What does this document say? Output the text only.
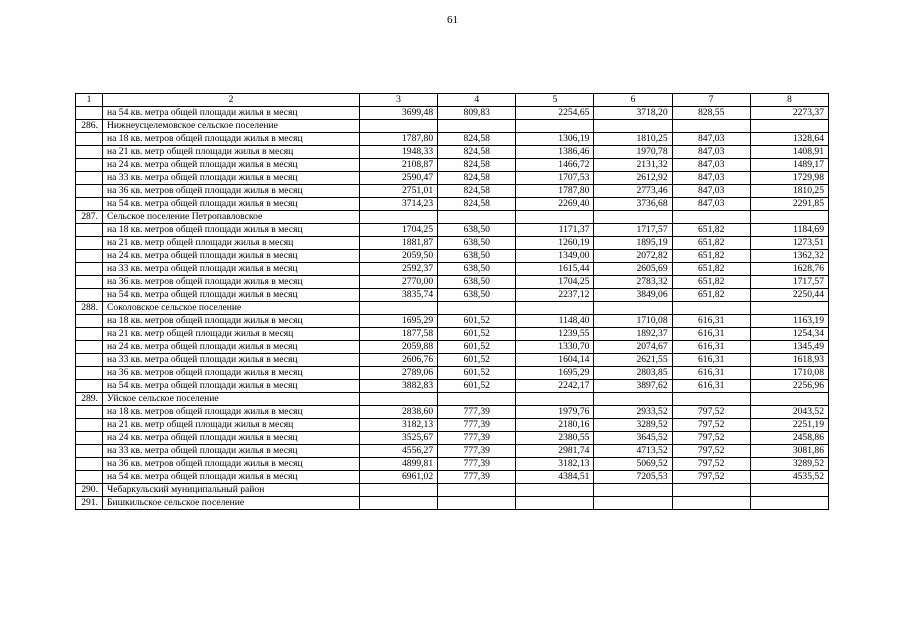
61
1	2	3	4	5	6	7	8
	на 54 кв. метра общей площади жилья в месяц	3699,48	809,83	2254,65	3718,20	828,55	2273,37
286.	Нижнеусцелемовское сельское поселение						
	на 18 кв. метров общей площади жилья в месяц	1787,80	824,58	1306,19	1810,25	847,03	1328,64
	на 21 кв. метр общей площади жилья в месяц	1948,33	824,58	1386,46	1970,78	847,03	1408,91
	на 24 кв. метра общей площади жилья в месяц	2108,87	824,58	1466,72	2131,32	847,03	1489,17
	на 33 кв. метра общей площади жилья в месяц	2590,47	824,58	1707,53	2612,92	847,03	1729,98
	на 36 кв. метров общей площади жилья в месяц	2751,01	824,58	1787,80	2773,46	847,03	1810,25
	на 54 кв. метра общей площади жилья в месяц	3714,23	824,58	2269,40	3736,68	847,03	2291,85
287.	Сельское поселение Петропавловское						
	на 18 кв. метров общей площади жилья в месяц	1704,25	638,50	1171,37	1717,57	651,82	1184,69
	на 21 кв. метр общей площади жилья в месяц	1881,87	638,50	1260,19	1895,19	651,82	1273,51
	на 24 кв. метра общей площади жилья в месяц	2059,50	638,50	1349,00	2072,82	651,82	1362,32
	на 33 кв. метра общей площади жилья в месяц	2592,37	638,50	1615,44	2605,69	651,82	1628,76
	на 36 кв. метров общей площади жилья в месяц	2770,00	638,50	1704,25	2783,32	651,82	1717,57
	на 54 кв. метра общей площади жилья в месяц	3835,74	638,50	2237,12	3849,06	651,82	2250,44
288.	Соколовское сельское поселение						
	на 18 кв. метров общей площади жилья в месяц	1695,29	601,52	1148,40	1710,08	616,31	1163,19
	на 21 кв. метр общей площади жилья в месяц	1877,58	601,52	1239,55	1892,37	616,31	1254,34
	на 24 кв. метра общей площади жилья в месяц	2059,88	601,52	1330,70	2074,67	616,31	1345,49
	на 33 кв. метра общей площади жилья в месяц	2606,76	601,52	1604,14	2621,55	616,31	1618,93
	на 36 кв. метров общей площади жилья в месяц	2789,06	601,52	1695,29	2803,85	616,31	1710,08
	на 54 кв. метра общей площади жилья в месяц	3882,83	601,52	2242,17	3897,62	616,31	2256,96
289.	Уйское сельское поселение						
	на 18 кв. метров общей площади жилья в месяц	2838,60	777,39	1979,76	2933,52	797,52	2043,52
	на 21 кв. метр общей площади жилья в месяц	3182,13	777,39	2180,16	3289,52	797,52	2251,19
	на 24 кв. метра общей площади жилья в месяц	3525,67	777,39	2380,55	3645,52	797,52	2458,86
	на 33 кв. метра общей площади жилья в месяц	4556,27	777,39	2981,74	4713,52	797,52	3081,86
	на 36 кв. метров общей площади жилья в месяц	4899,81	777,39	3182,13	5069,52	797,52	3289,52
	на 54 кв. метра общей площади жилья в месяц	6961,02	777,39	4384,51	7205,53	797,52	4535,52
290.	Чебаркульский муниципальный район						
291.	Бишкильское сельское поселение						
